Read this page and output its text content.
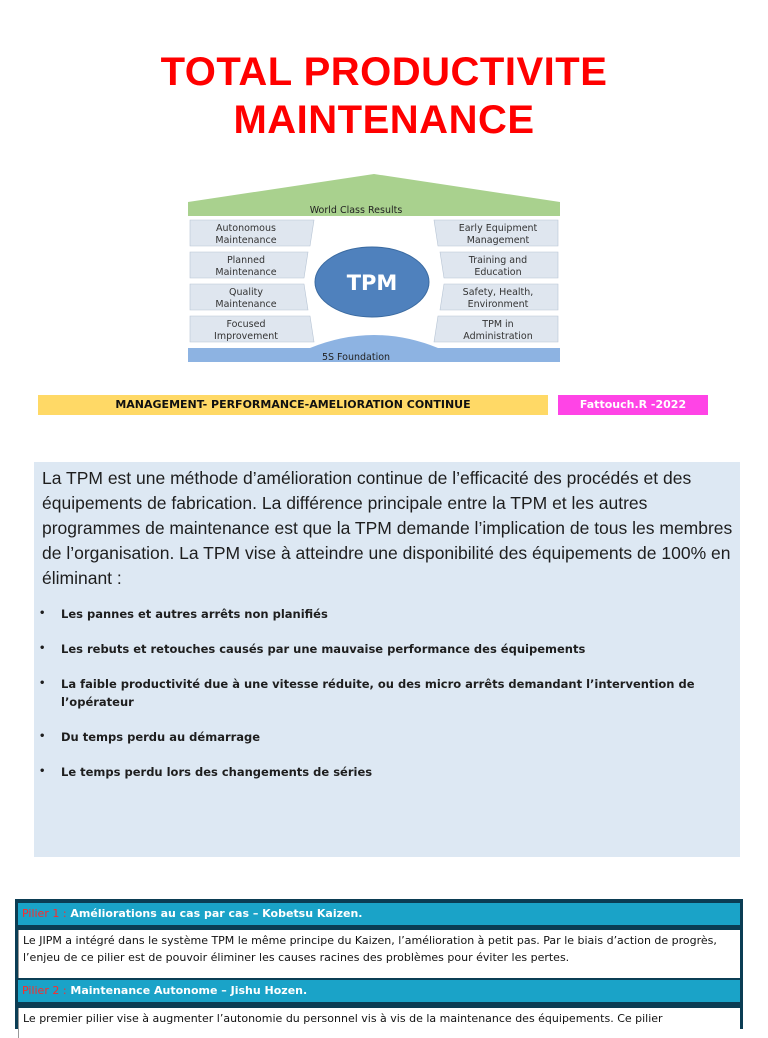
TOTAL PRODUCTIVITE
MAINTENANCE
World Class Results
Autonomous
Maintenance
Planned
Maintenance
Quality
Maintenance
Focused
Improvement
Early Equipment
Management
Training and
Education
Safety, Health,
Environment
TPM in
Administration
5S Foundation
TPM
MANAGEMENT- PERFORMANCE-AMELIORATION CONTINUE	Fattouch.R -2022
La TPM est une méthode d’amélioration continue de l’efficacité des procédés et des équipements de fabrication. La différence principale entre la TPM et les autres programmes de maintenance est que la TPM demande l’implication de tous les membres de l’organisation. La TPM vise à atteindre une disponibilité des équipements de 100% en éliminant :
• Les pannes et autres arrêts non planifiés
• Les rebuts et retouches causés par une mauvaise performance des équipements
• La faible productivité due à une vitesse réduite, ou des micro arrêts demandant l’intervention de l’opérateur
• Du temps perdu au démarrage
• Le temps perdu lors des changements de séries
Pilier 1 : Améliorations au cas par cas – Kobetsu Kaizen.
Le JIPM a intégré dans le système TPM le même principe du Kaizen, l’amélioration à petit pas. Par le biais d’action de progrès, l’enjeu de ce pilier est de pouvoir éliminer les causes racines des problèmes pour éviter les pertes.
Pilier 2 : Maintenance Autonome – Jishu Hozen.
Le premier pilier vise à augmenter l’autonomie du personnel vis à vis de la maintenance des équipements. Ce pilier
